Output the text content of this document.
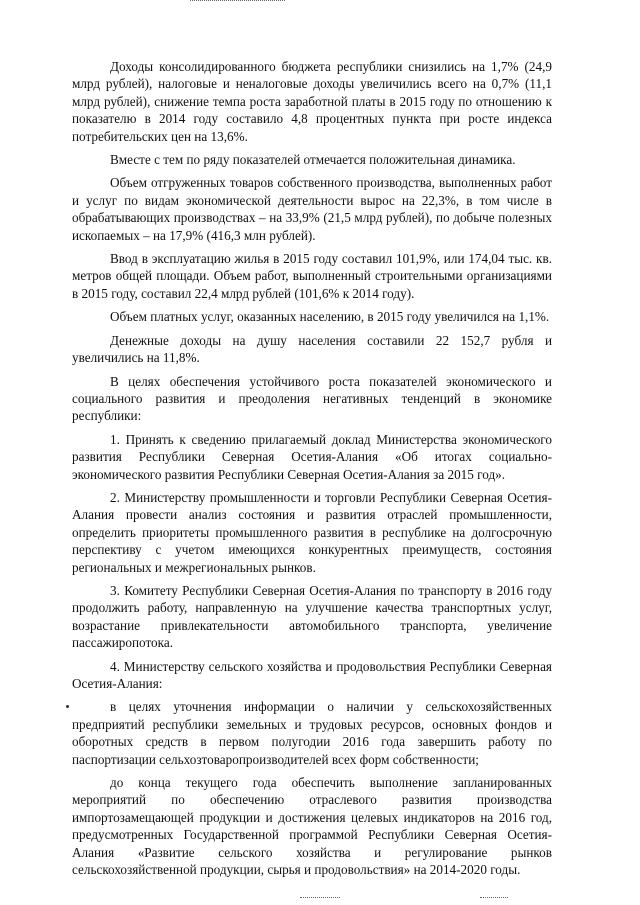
Доходы консолидированного бюджета республики снизились на 1,7% (24,9 млрд рублей), налоговые и неналоговые доходы увеличились всего на 0,7% (11,1 млрд рублей), снижение темпа роста заработной платы в 2015 году по отношению к показателю в 2014 году составило 4,8 процентных пункта при росте индекса потребительских цен на 13,6%.

Вместе с тем по ряду показателей отмечается положительная динамика.

Объем отгруженных товаров собственного производства, выполненных работ и услуг по видам экономической деятельности вырос на 22,3%, в том числе в обрабатывающих производствах – на 33,9% (21,5 млрд рублей), по добыче полезных ископаемых – на 17,9% (416,3 млн рублей).

Ввод в эксплуатацию жилья в 2015 году составил 101,9%, или 174,04 тыс. кв. метров общей площади. Объем работ, выполненный строительными организациями в 2015 году, составил 22,4 млрд рублей (101,6% к 2014 году).

Объем платных услуг, оказанных населению, в 2015 году увеличился на 1,1%.

Денежные доходы на душу населения составили 22 152,7 рубля и увеличились на 11,8%.

В целях обеспечения устойчивого роста показателей экономического и социального развития и преодоления негативных тенденций в экономике республики:

1. Принять к сведению прилагаемый доклад Министерства экономического развития Республики Северная Осетия-Алания «Об итогах социально-экономического развития Республики Северная Осетия-Алания за 2015 год».

2. Министерству промышленности и торговли Республики Северная Осетия-Алания провести анализ состояния и развития отраслей промышленности, определить приоритеты промышленного развития в республике на долгосрочную перспективу с учетом имеющихся конкурентных преимуществ, состояния региональных и межрегиональных рынков.

3. Комитету Республики Северная Осетия-Алания по транспорту в 2016 году продолжить работу, направленную на улучшение качества транспортных услуг, возрастание привлекательности автомобильного транспорта, увеличение пассажиропотока.

4. Министерству сельского хозяйства и продовольствия Республики Северная Осетия-Алания:

в целях уточнения информации о наличии у сельскохозяйственных предприятий республики земельных и трудовых ресурсов, основных фондов и оборотных средств в первом полугодии 2016 года завершить работу по паспортизации сельхозтоваропроизводителей всех форм собственности;

до конца текущего года обеспечить выполнение запланированных мероприятий по обеспечению отраслевого развития производства импортозамещающей продукции и достижения целевых индикаторов на 2016 год, предусмотренных Государственной программой Республики Северная Осетия-Алания «Развитие сельского хозяйства и регулирование рынков сельскохозяйственной продукции, сырья и продовольствия» на 2014-2020 годы.
